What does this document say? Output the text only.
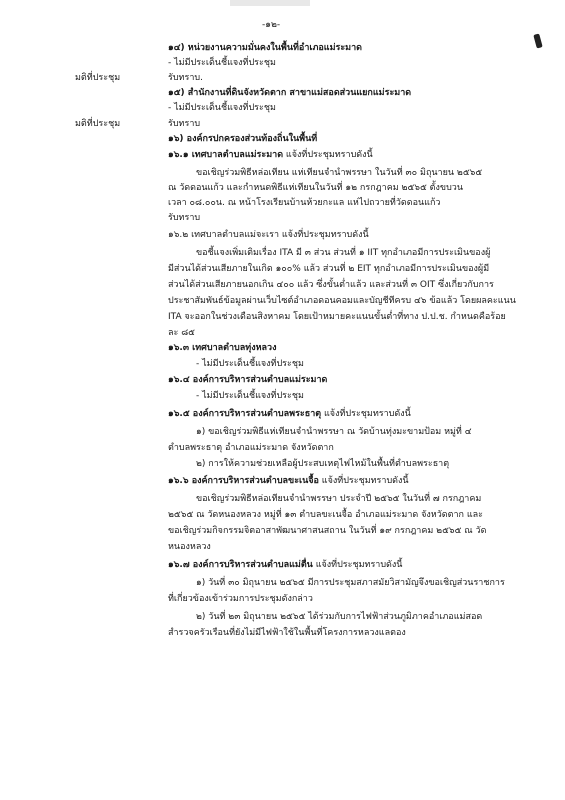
-๑๒-
๑๔) หน่วยงานความมั่นคงในพื้นที่อำเภอแม่ระมาด
- ไม่มีประเด็นชี้แจงที่ประชุม
มติที่ประชุม	รับทราบ.
๑๕) สำนักงานที่ดินจังหวัดตาก สาขาแม่สอดส่วนแยกแม่ระมาด
- ไม่มีประเด็นชี้แจงที่ประชุม
มติที่ประชุม	รับทราบ
๑๖) องค์กรปกครองส่วนท้องถิ่นในพื้นที่
๑๖.๑ เทศบาลตำบลแม่ระมาด แจ้งที่ประชุมทราบดังนี้
ขอเชิญร่วมพิธีหล่อเทียน แห่เทียนจำนำพรรษา ในวันที่ ๓๐ มิถุนายน ๒๕๖๕
ณ วัดดอนแก้ว และกำหนดพิธีแห่เทียนในวันที่ ๑๒ กรกฎาคม ๒๕๖๕ ตั้งขบวน
เวลา ๐๘.๐๐น. ณ หน้าโรงเรียนบ้านห้วยกะแล แห่ไปถวายที่วัดดอนแก้ว
รับทราบ
๑๖.๒ เทศบาลตำบลแม่จะเรา แจ้งที่ประชุมทราบดังนี้
ขอชี้แจงเพิ่มเติมเรื่อง ITA มี ๓ ส่วน ส่วนที่ ๑ IIT ทุกอำเภอมีการประเมินของผู้
มีส่วนได้ส่วนเสียภายในเกิด ๑๐๐% แล้ว ส่วนที่ ๒ EIT ทุกอำเภอมีการประเมินของผู้มี
ส่วนได้ส่วนเสียภายนอกเกิน ๔๐๐ แล้ว ซึ่งขั้นต่ำแล้ว และส่วนที่ ๓ OIT ซึ่งเกี่ยวกับการ
ประชาสัมพันธ์ข้อมูลผ่านเว็บไซต์อำเภอดอนคอมและบัญชีทีครบ ๔๖ ข้อแล้ว โดยผลคะแนน
ITA จะออกในช่วงเดือนสิงหาคม โดยเป้าหมายคะแนนขั้นต่ำที่ทาง ป.ป.ช. กำหนดคือร้อย
ละ ๘๕
๑๖.๓ เทศบาลตำบลทุ่งหลวง
- ไม่มีประเด็นชี้แจงที่ประชุม
๑๖.๔ องค์การบริหารส่วนตำบลแม่ระมาด
- ไม่มีประเด็นชี้แจงที่ประชุม
๑๖.๕ องค์การบริหารส่วนตำบลพระธาตุ แจ้งที่ประชุมทราบดังนี้
๑) ขอเชิญร่วมพิธีแห่เทียนจำนำพรรษา ณ วัดบ้านทุ่งมะขามป้อม หมู่ที่ ๔
ตำบลพระธาตุ อำเภอแม่ระมาด จังหวัดตาก
๒) การให้ความช่วยเหลือผู้ประสบเหตุไฟไหม้ในพื้นที่ตำบลพระธาตุ
๑๖.๖ องค์การบริหารส่วนตำบลขะเนจื้อ แจ้งที่ประชุมทราบดังนี้
ขอเชิญร่วมพิธีหล่อเทียนจำนำพรรษา ประจำปี ๒๕๖๕ ในวันที่ ๗ กรกฎาคม
๒๕๖๕ ณ วัดหนองหลวง หมู่ที่ ๑๓ ตำบลขะเนจื้อ อำเภอแม่ระมาด จังหวัดตาก และ
ขอเชิญร่วมกิจกรรมจิตอาสาพัฒนาศาสนสถาน ในวันที่ ๑๙ กรกฎาคม ๒๕๖๕ ณ วัด
หนองหลวง
๑๖.๗ องค์การบริหารส่วนตำบลแม่ตื่น แจ้งที่ประชุมทราบดังนี้
๑) วันที่ ๓๐ มิถุนายน ๒๕๖๕ มีการประชุมสภาสมัยวิสามัญจึงขอเชิญส่วนราชการ
ที่เกี่ยวข้องเข้าร่วมการประชุมดังกล่าว
๒) วันที่ ๒๓ มิถุนายน ๒๕๖๕ ได้ร่วมกับการไฟฟ้าส่วนภูมิภาคอำเภอแม่สอด
สำรวจครัวเรือนที่ยังไม่มีไฟฟ้าใช้ในพื้นที่โครงการหลวงแลตอง
